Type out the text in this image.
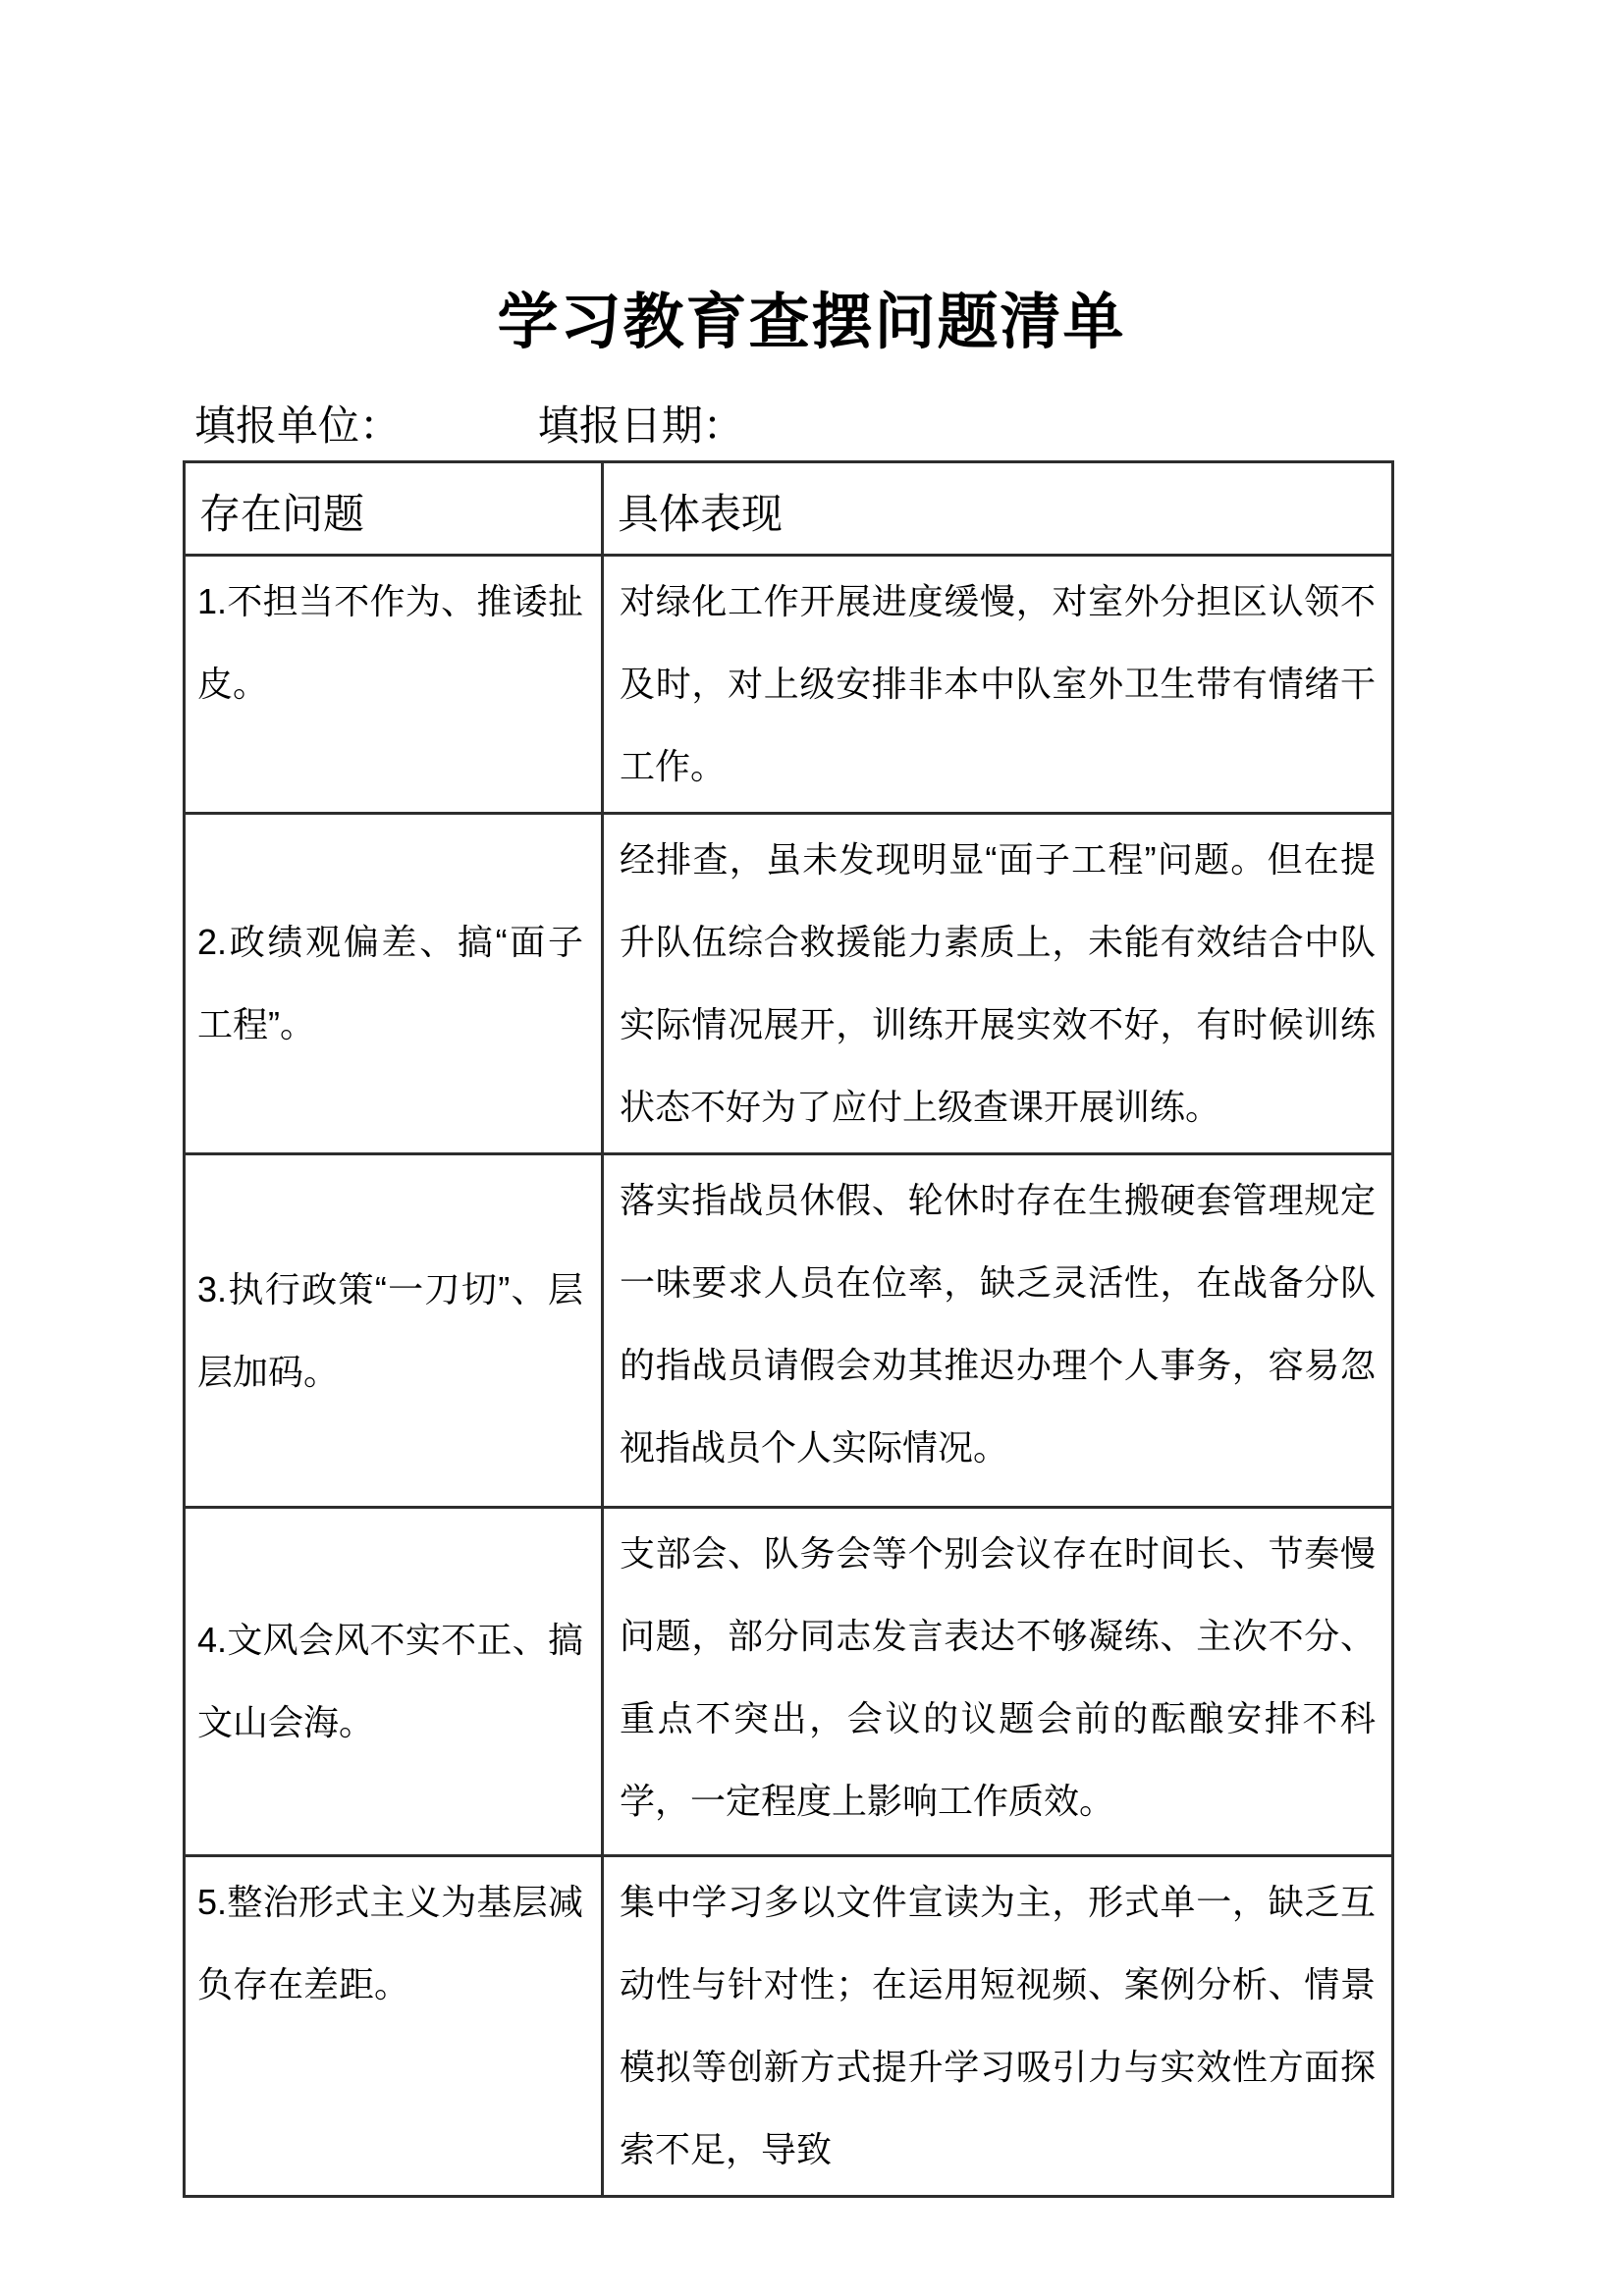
学习教育查摆问题清单
填报单位：	填报日期：
存在问题	具体表现
1.不担当不作为、推诿扯皮。	对绿化工作开展进度缓慢，对室外分担区认领不及时，对上级安排非本中队室外卫生带有情绪干工作。
2.政绩观偏差、搞“面子工程”。	经排查，虽未发现明显“面子工程”问题。但在提升队伍综合救援能力素质上，未能有效结合中队实际情况展开，训练开展实效不好，有时候训练状态不好为了应付上级查课开展训练。
3.执行政策“一刀切”、层层加码。	落实指战员休假、轮休时存在生搬硬套管理规定一味要求人员在位率，缺乏灵活性，在战备分队的指战员请假会劝其推迟办理个人事务，容易忽视指战员个人实际情况。
4.文风会风不实不正、搞文山会海。	支部会、队务会等个别会议存在时间长、节奏慢问题，部分同志发言表达不够凝练、主次不分、重点不突出，会议的议题会前的酝酿安排不科学，一定程度上影响工作质效。
5.整治形式主义为基层减负存在差距。	集中学习多以文件宣读为主，形式单一，缺乏互动性与针对性；在运用短视频、案例分析、情景模拟等创新方式提升学习吸引力与实效性方面探索不足，导致
